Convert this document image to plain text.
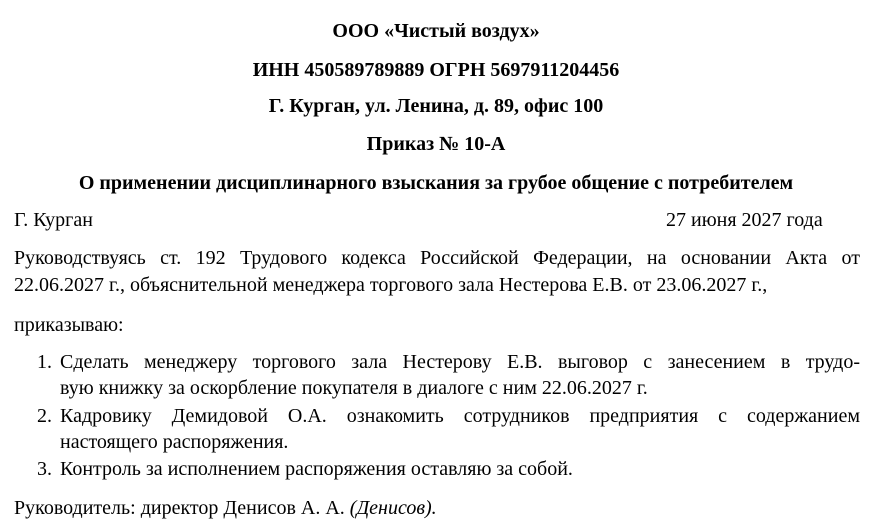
ООО «Чистый воздух»
ИНН 450589789889 ОГРН 5697911204456
Г. Курган, ул. Ленина, д. 89, офис 100
Приказ № 10-А
О применении дисциплинарного взыскания за грубое общение с потребителем
Г. Курган	27 июня 2027 года
Руководствуясь ст. 192 Трудового кодекса Российской Федерации, на основании Акта от
22.06.2027 г., объяснительной менеджера торгового зала Нестерова Е.В. от 23.06.2027 г.,
приказываю:
1. Сделать менеджеру торгового зала Нестерову Е.В. выговор с занесением в трудо-
вую книжку за оскорбление покупателя в диалоге с ним 22.06.2027 г.
2. Кадровику Демидовой О.А. ознакомить сотрудников предприятия с содержанием
настоящего распоряжения.
3. Контроль за исполнением распоряжения оставляю за собой.
Руководитель: директор Денисов А. А. (Денисов).
